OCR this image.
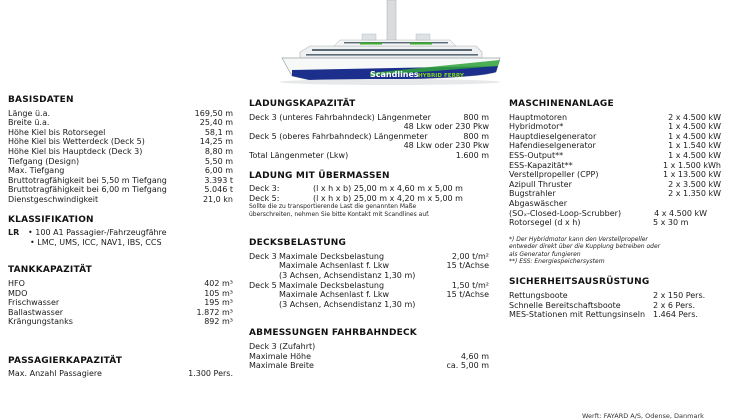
Scandlines HYBRID FERRY
BASISDATEN
Länge ü.a.	169,50 m
Breite ü.a.	25,40 m
Höhe Kiel bis Rotorsegel	58,1 m
Höhe Kiel bis Wetterdeck (Deck 5)	14,25 m
Höhe Kiel bis Hauptdeck (Deck 3)	8,80 m
Tiefgang (Design)	5,50 m
Max. Tiefgang	6,00 m
Bruttotragfähigkeit bei 5,50 m Tiefgang	3.393 t
Bruttotragfähigkeit bei 6,00 m Tiefgang	5.046 t
Dienstgeschwindigkeit	21,0 kn
KLASSIFIKATION
LR	• 100 A1 Passagier-/Fahrzeugfähre
• LMC, UMS, ICC, NAV1, IBS, CCS
TANKKAPAZITÄT
HFO	402 m³
MDO	105 m³
Frischwasser	195 m³
Ballastwasser	1.872 m³
Krängungstanks	892 m³
PASSAGIERKAPAZITÄT
Max. Anzahl Passagiere	1.300 Pers.
LADUNGSKAPAZITÄT
Deck 3 (unteres Fahrbahndeck) Längenmeter	800 m
48 Lkw oder 230 Pkw
Deck 5 (oberes Fahrbahndeck) Längenmeter	800 m
48 Lkw oder 230 Pkw
Total Längenmeter (Lkw)	1.600 m
LADUNG MIT ÜBERMASSEN
Deck 3:	(l x h x b) 25,00 m x 4,60 m x 5,00 m
Deck 5:	(l x h x b) 25,00 m x 4,20 m x 5,00 m
Sollte die zu transportierende Last die genannten Maße
überschreiten, nehmen Sie bitte Kontakt mit Scandlines auf.
DECKSBELASTUNG
Deck 3 Maximale Decksbelastung	2,00 t/m²
Maximale Achsenlast f. Lkw	15 t/Achse
(3 Achsen, Achsendistanz 1,30 m)
Deck 5 Maximale Decksbelastung	1,50 t/m²
Maximale Achsenlast f. Lkw	15 t/Achse
(3 Achsen, Achsendistanz 1,30 m)
ABMESSUNGEN FAHRBAHNDECK
Deck 3 (Zufahrt)
Maximale Höhe	4,60 m
Maximale Breite	ca. 5,00 m
MASCHINENANLAGE
Hauptmotoren	2 x 4.500 kW
Hybridmotor*	1 x 4.500 kW
Hauptdieselgenerator	1 x 4.500 kW
Hafendieselgenerator	1 x 1.540 kW
ESS-Output**	1 x 4.500 kW
ESS-Kapazität**	1 x 1.500 kWh
Verstellpropeller (CPP)	1 x 13.500 kW
Azipull Thruster	2 x 3.500 kW
Bugstrahler	2 x 1.350 kW
Abgaswäscher
(SOₓ-Closed-Loop-Scrubber)	4 x 4.500 kW
Rotorsegel (d x h)	5 x 30 m
*) Der Hybridmotor kann den Verstellpropeller
entweder direkt über die Kupplung betreiben oder
als Generator fungieren
**) ESS: Energiespeichersystem
SICHERHEITSAUSRÜSTUNG
Rettungsboote	2 x 150 Pers.
Schnelle Bereitschaftsboote	2 x 6 Pers.
MES-Stationen mit Rettungsinseln 1.464 Pers.
Werft: FAYARD A/S, Odense, Danmark
